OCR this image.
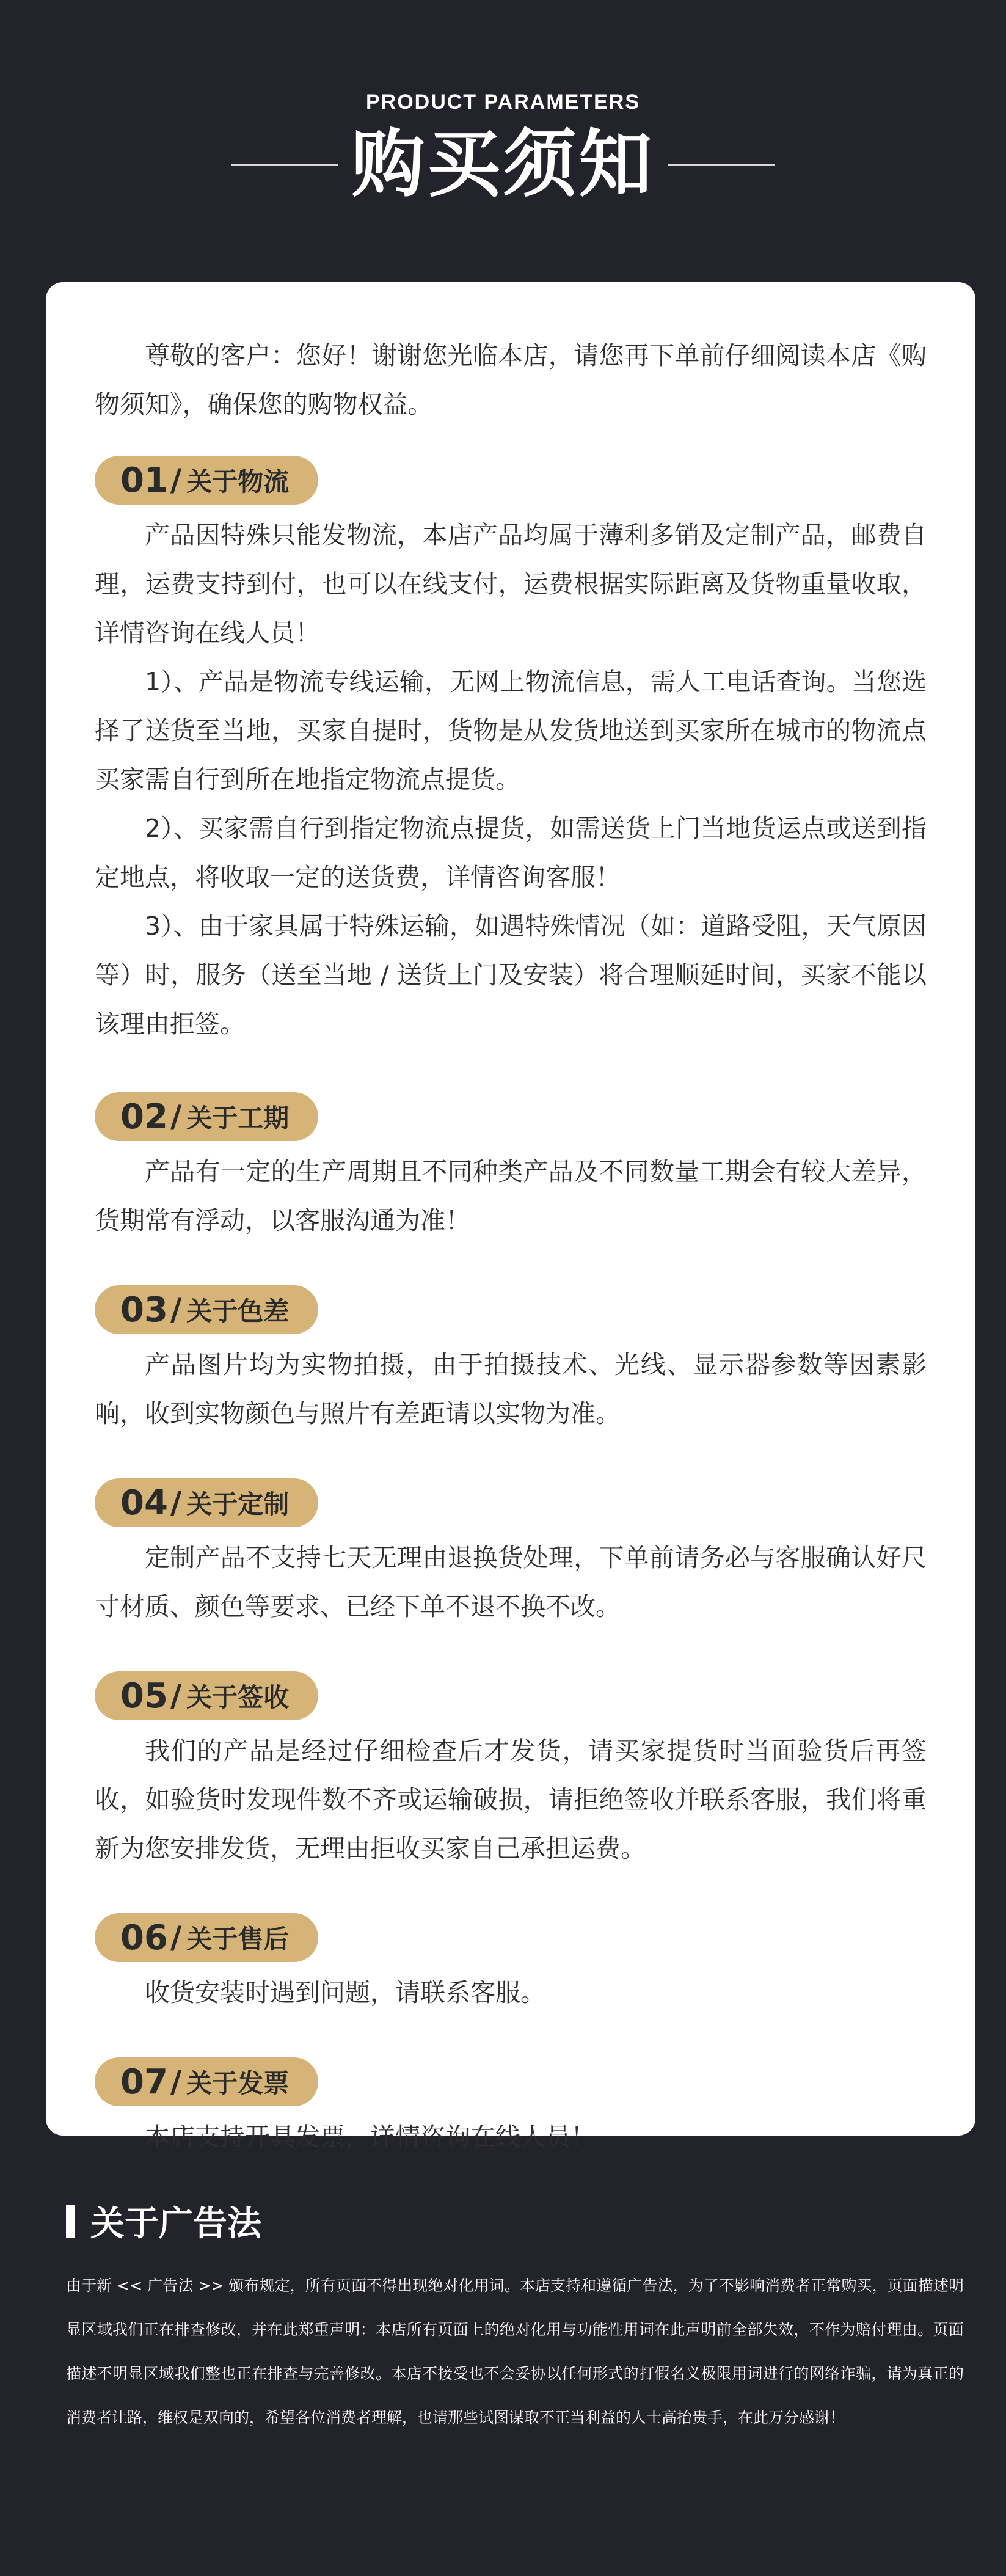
PRODUCT PARAMETERS
购买须知

尊敬的客户：您好！谢谢您光临本店，请您再下单前仔细阅读本店《购物须知》，确保您的购物权益。

01 / 关于物流

产品因特殊只能发物流，本店产品均属于薄利多销及定制产品，邮费自理，运费支持到付，也可以在线支付，运费根据实际距离及货物重量收取，详情咨询在线人员！

1）、产品是物流专线运输，无网上物流信息，需人工电话查询。当您选择了送货至当地，买家自提时，货物是从发货地送到买家所在城市的物流点买家需自行到所在地指定物流点提货。

2）、买家需自行到指定物流点提货，如需送货上门当地货运点或送到指定地点，将收取一定的送货费，详情咨询客服！

3）、由于家具属于特殊运输，如遇特殊情况（如：道路受阻，天气原因等）时，服务（送至当地 / 送货上门及安装）将合理顺延时间，买家不能以该理由拒签。

02 / 关于工期

产品有一定的生产周期且不同种类产品及不同数量工期会有较大差异，货期常有浮动，以客服沟通为准！

03 / 关于色差

产品图片均为实物拍摄，由于拍摄技术、光线、显示器参数等因素影响，收到实物颜色与照片有差距请以实物为准。

04 / 关于定制

定制产品不支持七天无理由退换货处理，下单前请务必与客服确认好尺寸材质、颜色等要求、已经下单不退不换不改。

05 / 关于签收

我们的产品是经过仔细检查后才发货，请买家提货时当面验货后再签收，如验货时发现件数不齐或运输破损，请拒绝签收并联系客服，我们将重新为您安排发货，无理由拒收买家自己承担运费。

06 / 关于售后

收货安装时遇到问题，请联系客服。

07 / 关于发票

本店支持开具发票，详情咨询在线人员！

关于广告法
由于新 << 广告法 >> 颁布规定，所有页面不得出现绝对化用词。本店支持和遵循广告法，为了不影响消费者正常购买，页面描述明显区域我们正在排查修改，并在此郑重声明：本店所有页面上的绝对化用与功能性用词在此声明前全部失效，不作为赔付理由。页面描述不明显区域我们整也正在排查与完善修改。本店不接受也不会妥协以任何形式的打假名义极限用词进行的网络诈骗，请为真正的消费者让路，维权是双向的，希望各位消费者理解，也请那些试图谋取不正当利益的人士高抬贵手，在此万分感谢！
